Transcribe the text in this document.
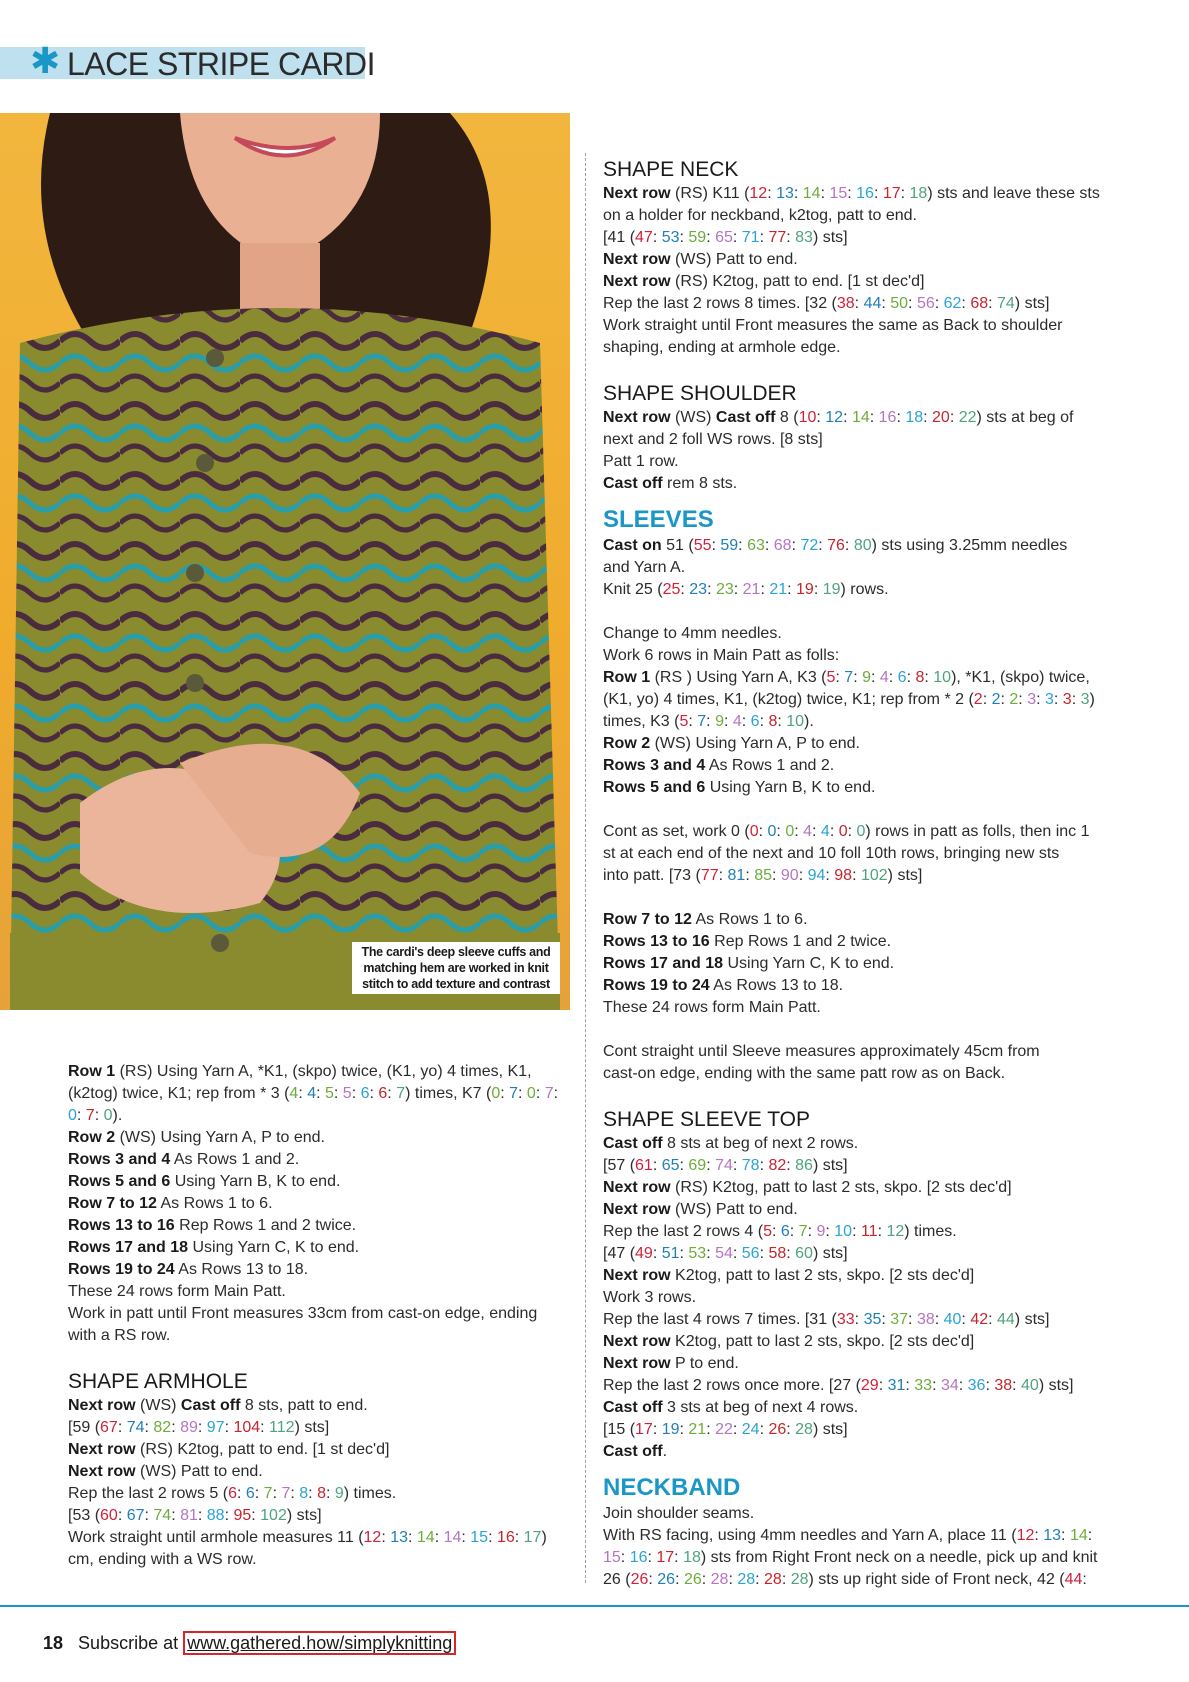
✱ LACE STRIPE CARDI
The cardi's deep sleeve cuffs and
matching hem are worked in knit
stitch to add texture and contrast
Row 1 (RS) Using Yarn A, *K1, (skpo) twice, (K1, yo) 4 times, K1,
(k2tog) twice, K1; rep from * 3 (4: 4: 5: 5: 6: 6: 7) times, K7 (0: 7: 0: 7:
0: 7: 0).
Row 2 (WS) Using Yarn A, P to end.
Rows 3 and 4 As Rows 1 and 2.
Rows 5 and 6 Using Yarn B, K to end.
Row 7 to 12 As Rows 1 to 6.
Rows 13 to 16 Rep Rows 1 and 2 twice.
Rows 17 and 18 Using Yarn C, K to end.
Rows 19 to 24 As Rows 13 to 18.
These 24 rows form Main Patt.
Work in patt until Front measures 33cm from cast-on edge, ending
with a RS row.
SHAPE ARMHOLE
Next row (WS) Cast off 8 sts, patt to end.
[59 (67: 74: 82: 89: 97: 104: 112) sts]
Next row (RS) K2tog, patt to end. [1 st dec'd]
Next row (WS) Patt to end.
Rep the last 2 rows 5 (6: 6: 7: 7: 8: 8: 9) times.
[53 (60: 67: 74: 81: 88: 95: 102) sts]
Work straight until armhole measures 11 (12: 13: 14: 14: 15: 16: 17)
cm, ending with a WS row.
SHAPE NECK
Next row (RS) K11 (12: 13: 14: 15: 16: 17: 18) sts and leave these sts
on a holder for neckband, k2tog, patt to end.
[41 (47: 53: 59: 65: 71: 77: 83) sts]
Next row (WS) Patt to end.
Next row (RS) K2tog, patt to end. [1 st dec'd]
Rep the last 2 rows 8 times. [32 (38: 44: 50: 56: 62: 68: 74) sts]
Work straight until Front measures the same as Back to shoulder
shaping, ending at armhole edge.
SHAPE SHOULDER
Next row (WS) Cast off 8 (10: 12: 14: 16: 18: 20: 22) sts at beg of
next and 2 foll WS rows. [8 sts]
Patt 1 row.
Cast off rem 8 sts.
SLEEVES
Cast on 51 (55: 59: 63: 68: 72: 76: 80) sts using 3.25mm needles
and Yarn A.
Knit 25 (25: 23: 23: 21: 21: 19: 19) rows.
Change to 4mm needles.
Work 6 rows in Main Patt as folls:
Row 1 (RS ) Using Yarn A, K3 (5: 7: 9: 4: 6: 8: 10), *K1, (skpo) twice,
(K1, yo) 4 times, K1, (k2tog) twice, K1; rep from * 2 (2: 2: 2: 3: 3: 3: 3)
times, K3 (5: 7: 9: 4: 6: 8: 10).
Row 2 (WS) Using Yarn A, P to end.
Rows 3 and 4 As Rows 1 and 2.
Rows 5 and 6 Using Yarn B, K to end.
Cont as set, work 0 (0: 0: 0: 4: 4: 0: 0) rows in patt as folls, then inc 1
st at each end of the next and 10 foll 10th rows, bringing new sts
into patt. [73 (77: 81: 85: 90: 94: 98: 102) sts]
Row 7 to 12 As Rows 1 to 6.
Rows 13 to 16 Rep Rows 1 and 2 twice.
Rows 17 and 18 Using Yarn C, K to end.
Rows 19 to 24 As Rows 13 to 18.
These 24 rows form Main Patt.
Cont straight until Sleeve measures approximately 45cm from
cast-on edge, ending with the same patt row as on Back.
SHAPE SLEEVE TOP
Cast off 8 sts at beg of next 2 rows.
[57 (61: 65: 69: 74: 78: 82: 86) sts]
Next row (RS) K2tog, patt to last 2 sts, skpo. [2 sts dec'd]
Next row (WS) Patt to end.
Rep the last 2 rows 4 (5: 6: 7: 9: 10: 11: 12) times.
[47 (49: 51: 53: 54: 56: 58: 60) sts]
Next row K2tog, patt to last 2 sts, skpo. [2 sts dec'd]
Work 3 rows.
Rep the last 4 rows 7 times. [31 (33: 35: 37: 38: 40: 42: 44) sts]
Next row K2tog, patt to last 2 sts, skpo. [2 sts dec'd]
Next row P to end.
Rep the last 2 rows once more. [27 (29: 31: 33: 34: 36: 38: 40) sts]
Cast off 3 sts at beg of next 4 rows.
[15 (17: 19: 21: 22: 24: 26: 28) sts]
Cast off.
NECKBAND
Join shoulder seams.
With RS facing, using 4mm needles and Yarn A, place 11 (12: 13: 14:
15: 16: 17: 18) sts from Right Front neck on a needle, pick up and knit
26 (26: 26: 26: 28: 28: 28: 28) sts up right side of Front neck, 42 (44:
18 Subscribe at www.gathered.how/simplyknitting
